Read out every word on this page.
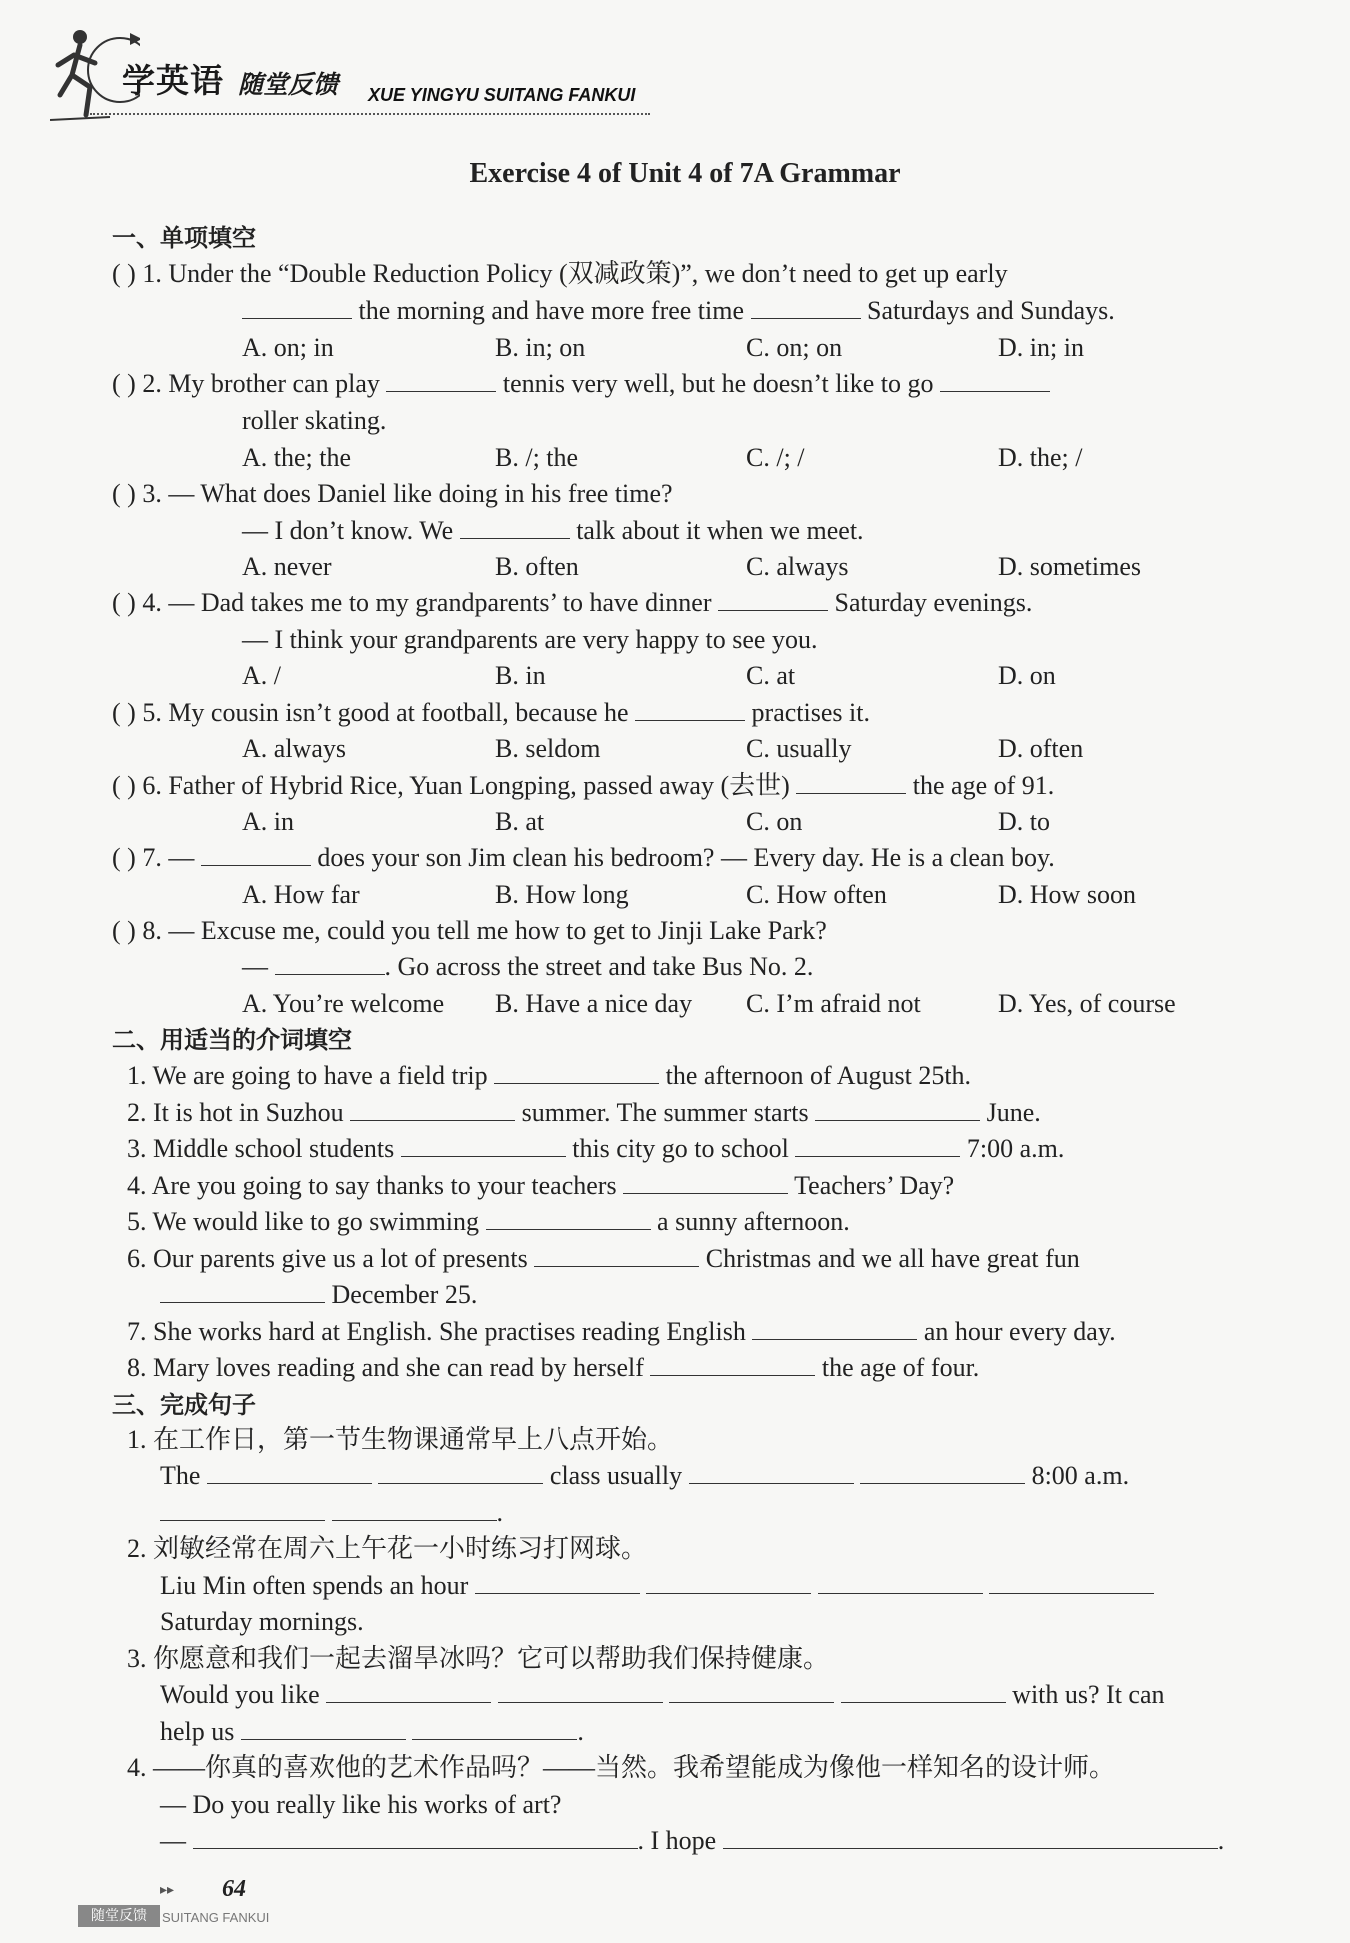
学英语 随堂反馈 XUE YINGYU SUITANG FANKUI
Exercise 4 of Unit 4 of 7A Grammar
一、单项填空
( ) 1. Under the “Double Reduction Policy (双减政策)”, we don’t need to get up early
the morning and have more free time	Saturdays and Sundays.
A. on; in	B. in; on	C. on; on	D. in; in
( ) 2. My brother can play	tennis very well, but he doesn’t like to go
roller skating.
A. the; the	B. /; the	C. /; /	D. the; /
( ) 3. — What does Daniel like doing in his free time?
— I don’t know. We	talk about it when we meet.
A. never	B. often	C. always	D. sometimes
( ) 4. — Dad takes me to my grandparents’ to have dinner	Saturday evenings.
— I think your grandparents are very happy to see you.
A. /	B. in	C. at	D. on
( ) 5. My cousin isn’t good at football, because he	practises it.
A. always	B. seldom	C. usually	D. often
( ) 6. Father of Hybrid Rice, Yuan Longping, passed away (去世)	the age of 91.
A. in	B. at	C. on	D. to
( ) 7. —	does your son Jim clean his bedroom? — Every day. He is a clean boy.
A. How far	B. How long	C. How often	D. How soon
( ) 8. — Excuse me, could you tell me how to get to Jinji Lake Park?
—	. Go across the street and take Bus No. 2.
A. You’re welcome B. Have a nice day C. I’m afraid not	D. Yes, of course
二、用适当的介词填空
1. We are going to have a field trip	the afternoon of August 25th.
2. It is hot in Suzhou	summer. The summer starts	June.
3. Middle school students	this city go to school	7:00 a.m.
4. Are you going to say thanks to your teachers	Teachers’ Day?
5. We would like to go swimming	a sunny afternoon.
6. Our parents give us a lot of presents	Christmas and we all have great fun
December 25.
7. She works hard at English. She practises reading English	an hour every day.
8. Mary loves reading and she can read by herself	the age of four.
三、完成句子
1. 在工作日，第一节生物课通常早上八点开始。
The	class usually	8:00 a.m.
.
2. 刘敏经常在周六上午花一小时练习打网球。
Liu Min often spends an hour
Saturday mornings.
3. 你愿意和我们一起去溜旱冰吗？它可以帮助我们保持健康。
Would you like	with us? It can
help us	.
4. ——你真的喜欢他的艺术作品吗？——当然。我希望能成为像他一样知名的设计师。
— Do you really like his works of art?
—	. I hope	.
▸▸ 64
随堂反馈	SUITANG FANKUI
